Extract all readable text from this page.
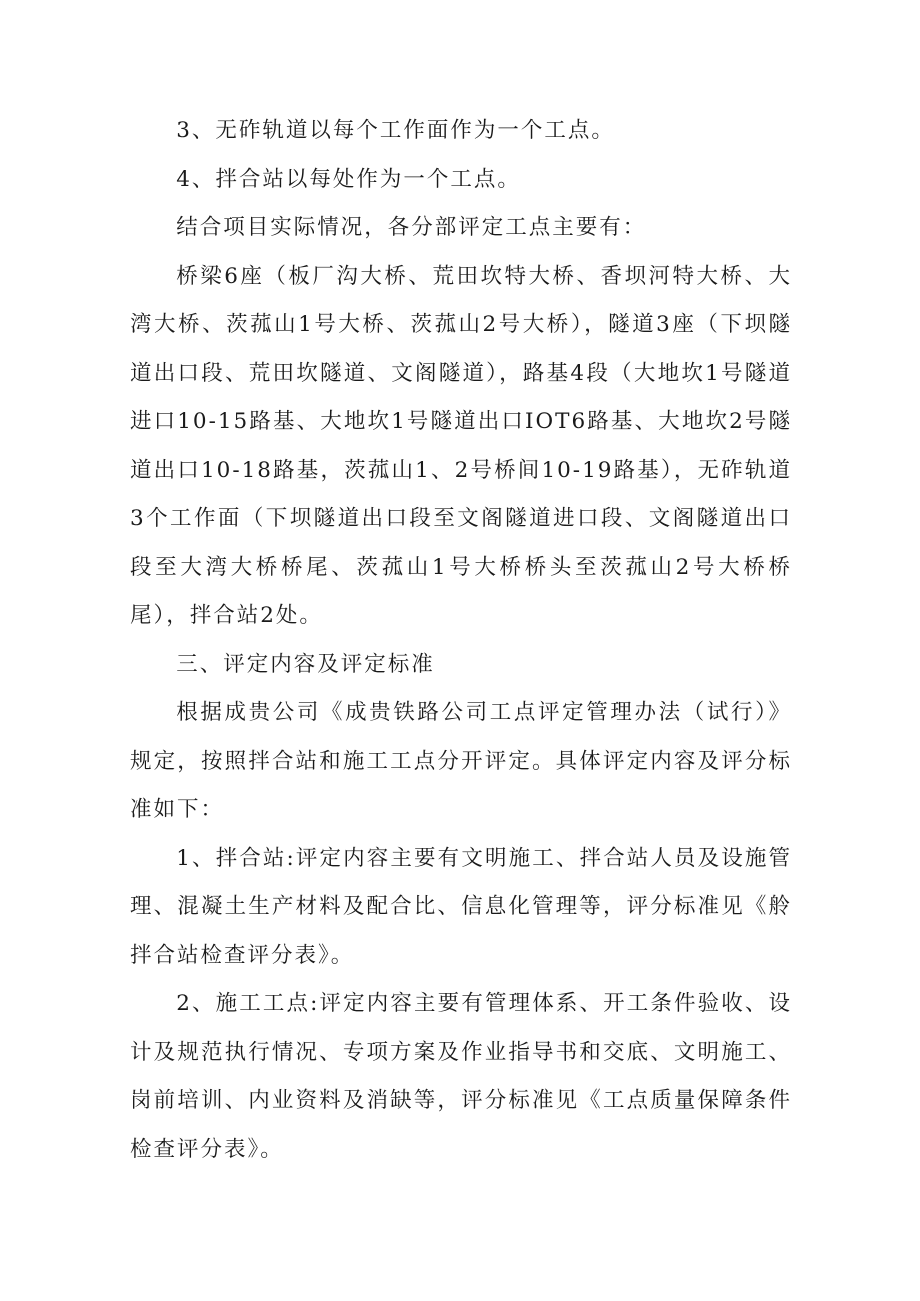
3、无砟轨道以每个工作面作为一个工点。

4、拌合站以每处作为一个工点。

结合项目实际情况，各分部评定工点主要有：

桥梁6座（板厂沟大桥、荒田坎特大桥、香坝河特大桥、大湾大桥、茨菰山1号大桥、茨菰山2号大桥），隧道3座（下坝隧道出口段、荒田坎隧道、文阁隧道），路基4段（大地坎1号隧道进口10-15路基、大地坎1号隧道出口IOT6路基、大地坎2号隧道出口10-18路基，茨菰山1、2号桥间10-19路基），无砟轨道3个工作面（下坝隧道出口段至文阁隧道进口段、文阁隧道出口段至大湾大桥桥尾、茨菰山1号大桥桥头至茨菰山2号大桥桥尾），拌合站2处。

三、评定内容及评定标准

根据成贵公司《成贵铁路公司工点评定管理办法（试行）》规定，按照拌合站和施工工点分开评定。具体评定内容及评分标准如下：

1、拌合站:评定内容主要有文明施工、拌合站人员及设施管理、混凝土生产材料及配合比、信息化管理等，评分标准见《舲拌合站检查评分表》。

2、施工工点:评定内容主要有管理体系、开工条件验收、设计及规范执行情况、专项方案及作业指导书和交底、文明施工、岗前培训、内业资料及消缺等，评分标准见《工点质量保障条件检查评分表》。
